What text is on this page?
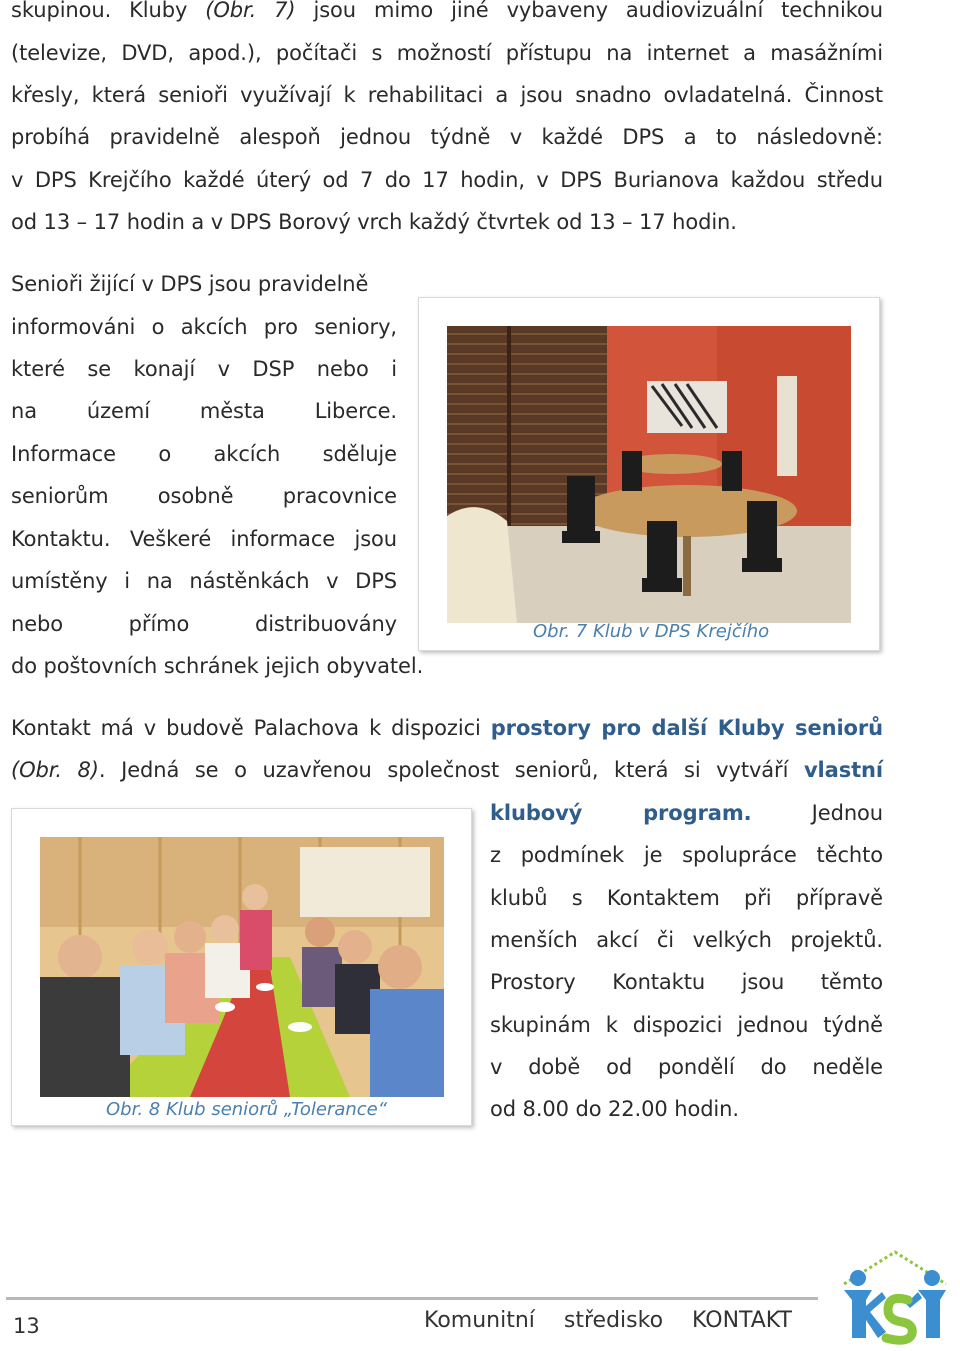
skupinou. Kluby (Obr. 7) jsou mimo jiné vybaveny audiovizuální technikou
(televize, DVD, apod.), počítači s možností přístupu na internet a masážními
křesly, která senioři využívají k rehabilitaci a jsou snadno ovladatelná. Činnost
probíhá pravidelně alespoň jednou týdně v každé DPS a to následovně:
v DPS Krejčího každé úterý od 7 do 17 hodin, v DPS Burianova každou středu
od 13 – 17 hodin a v DPS Borový vrch každý čtvrtek od 13 – 17 hodin.
Senioři žijící v DPS jsou pravidelně
informováni o akcích pro seniory,
které se konají v DSP nebo i
na území města Liberce.
Informace o akcích sděluje
seniorům osobně pracovnice
Kontaktu. Veškeré informace jsou
umístěny i na nástěnkách v DPS
nebo přímo distribuovány
do poštovních schránek jejich obyvatel.
Obr. 7 Klub v DPS Krejčího
Kontakt má v budově Palachova k dispozici prostory pro další Kluby seniorů
(Obr. 8). Jedná se o uzavřenou společnost seniorů, která si vytváří vlastní
klubový program. Jednou
z podmínek je spolupráce těchto
klubů s Kontaktem při přípravě
menších akcí či velkých projektů.
Prostory Kontaktu jsou těmto
skupinám k dispozici jednou týdně
v době od pondělí do neděle
od 8.00 do 22.00 hodin.
Obr. 8 Klub seniorů „Tolerance“
13	Komunitní středisko KONTAKT
